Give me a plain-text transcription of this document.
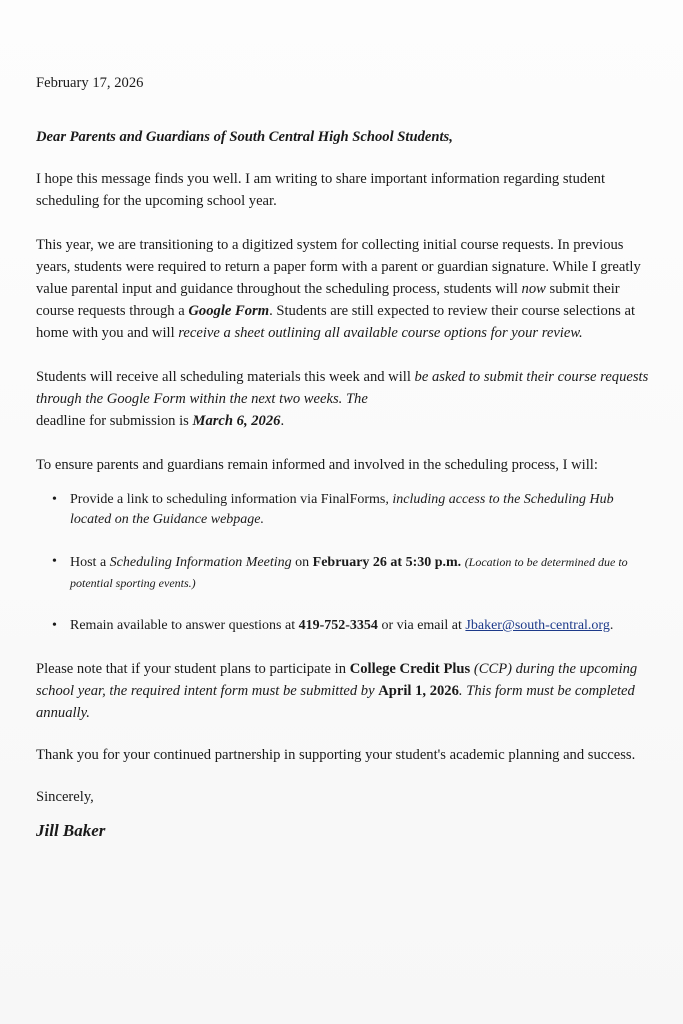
February 17, 2026
Dear Parents and Guardians of South Central High School Students,

I hope this message finds you well. I am writing to share important information regarding student scheduling for the upcoming school year.

This year, we are transitioning to a digitized system for collecting initial course requests. In previous years, students were required to return a paper form with a parent or guardian signature. While I greatly value parental input and guidance throughout the scheduling process, students will now submit their course requests through a Google Form. Students are still expected to review their course selections at home with you and will receive a sheet outlining all available course options for your review.

Students will receive all scheduling materials this week and will be asked to submit their course requests through the Google Form within the next two weeks. The
deadline for submission is March 6, 2026.

To ensure parents and guardians remain informed and involved in the scheduling process, I will:

• Provide a link to scheduling information via FinalForms, including access to the Scheduling Hub located on the Guidance webpage.
• Host a Scheduling Information Meeting on February 26 at 5:30 p.m. (Location to be determined due to potential sporting events.)
• Remain available to answer questions at 419-752-3354 or via email at Jbaker@south-central.org.

Please note that if your student plans to participate in College Credit Plus (CCP) during the upcoming school year, the required intent form must be submitted by April 1, 2026. This form must be completed annually.

Thank you for your continued partnership in supporting your student's academic planning and success.

Sincerely,
Jill Baker
